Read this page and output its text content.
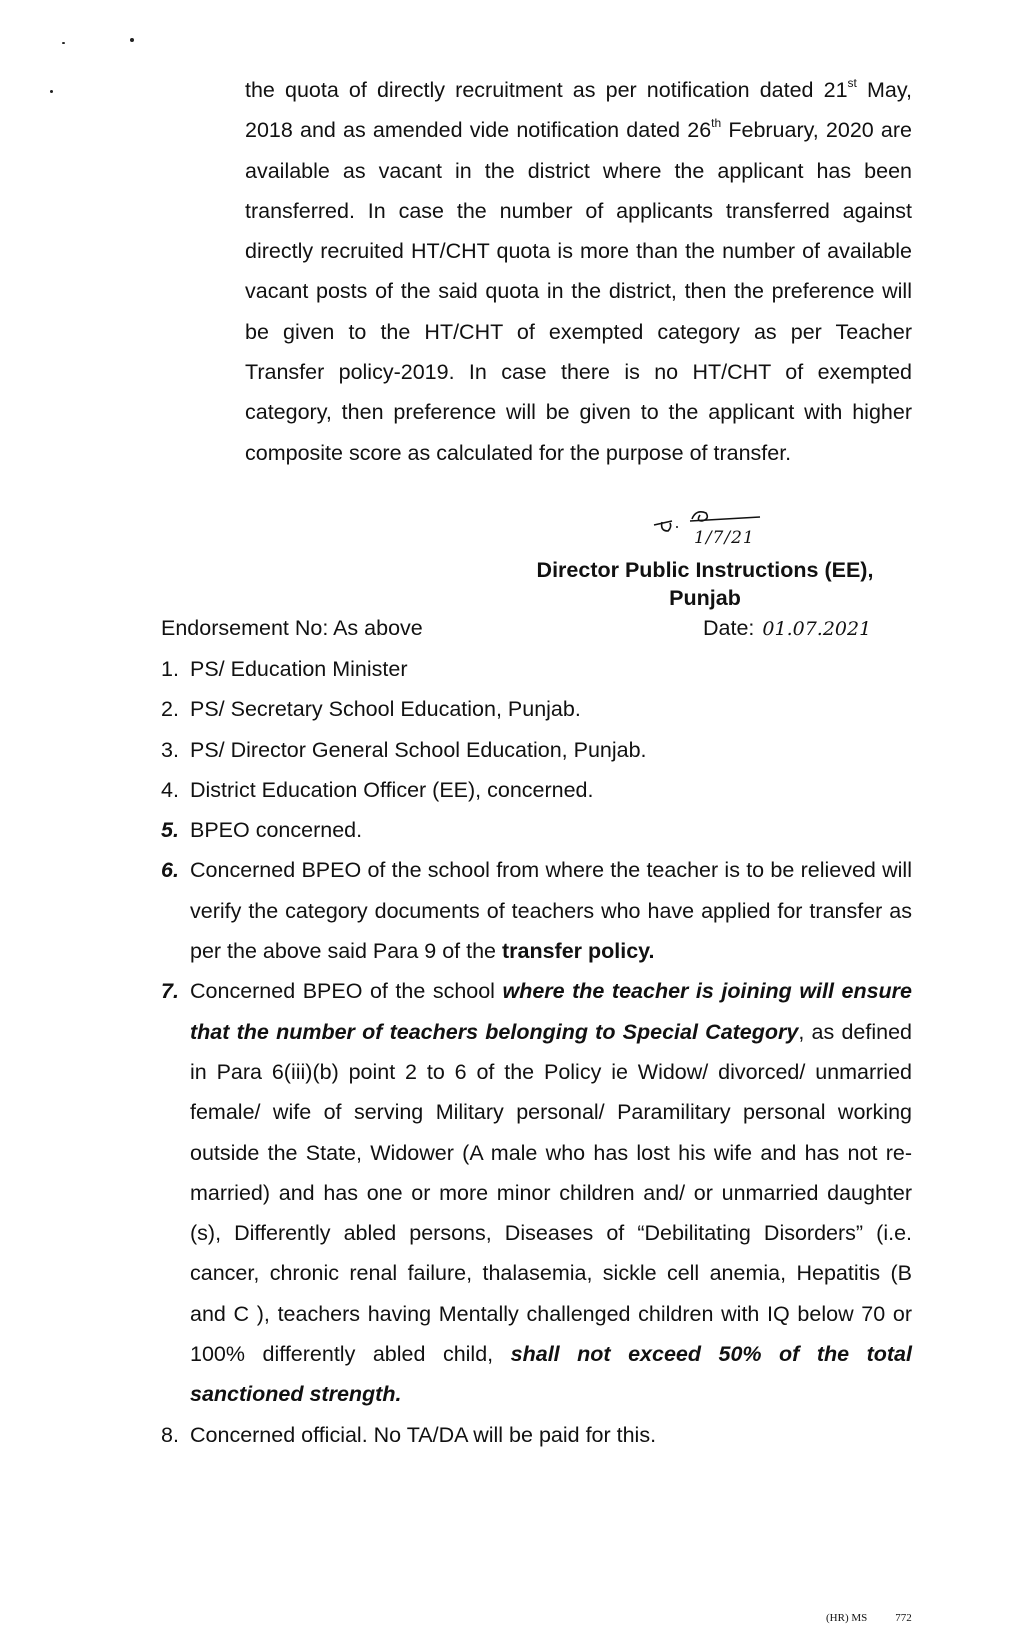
the quota of directly recruitment as per notification dated 21st May, 2018 and as amended vide notification dated 26th February, 2020 are available as vacant in the district where the applicant has been transferred. In case the number of applicants transferred against directly recruited HT/CHT quota is more than the number of available vacant posts of the said quota in the district, then the preference will be given to the HT/CHT of exempted category as per Teacher Transfer policy-2019. In case there is no HT/CHT of exempted category, then preference will be given to the applicant with higher composite score as calculated for the purpose of transfer.
1/7/21
Director Public Instructions (EE),
Punjab
Endorsement No: As above	Date: 01.07.2021
1. PS/ Education Minister
2. PS/ Secretary School Education, Punjab.
3. PS/ Director General School Education, Punjab.
4. District Education Officer (EE), concerned.
5. BPEO concerned.
6. Concerned BPEO of the school from where the teacher is to be relieved will verify the category documents of teachers who have applied for transfer as per the above said Para 9 of the transfer policy.
7. Concerned BPEO of the school where the teacher is joining will ensure that the number of teachers belonging to Special Category, as defined in Para 6(iii)(b) point 2 to 6 of the Policy ie Widow/ divorced/ unmarried female/ wife of serving Military personal/ Paramilitary personal working outside the State, Widower (A male who has lost his wife and has not re-married) and has one or more minor children and/ or unmarried daughter (s), Differently abled persons, Diseases of “Debilitating Disorders” (i.e. cancer, chronic renal failure, thalasemia, sickle cell anemia, Hepatitis (B and C ), teachers having Mentally challenged children with IQ below 70 or 100% differently abled child, shall not exceed 50% of the total sanctioned strength.
8. Concerned official. No TA/DA will be paid for this.
(HR) MS	772
